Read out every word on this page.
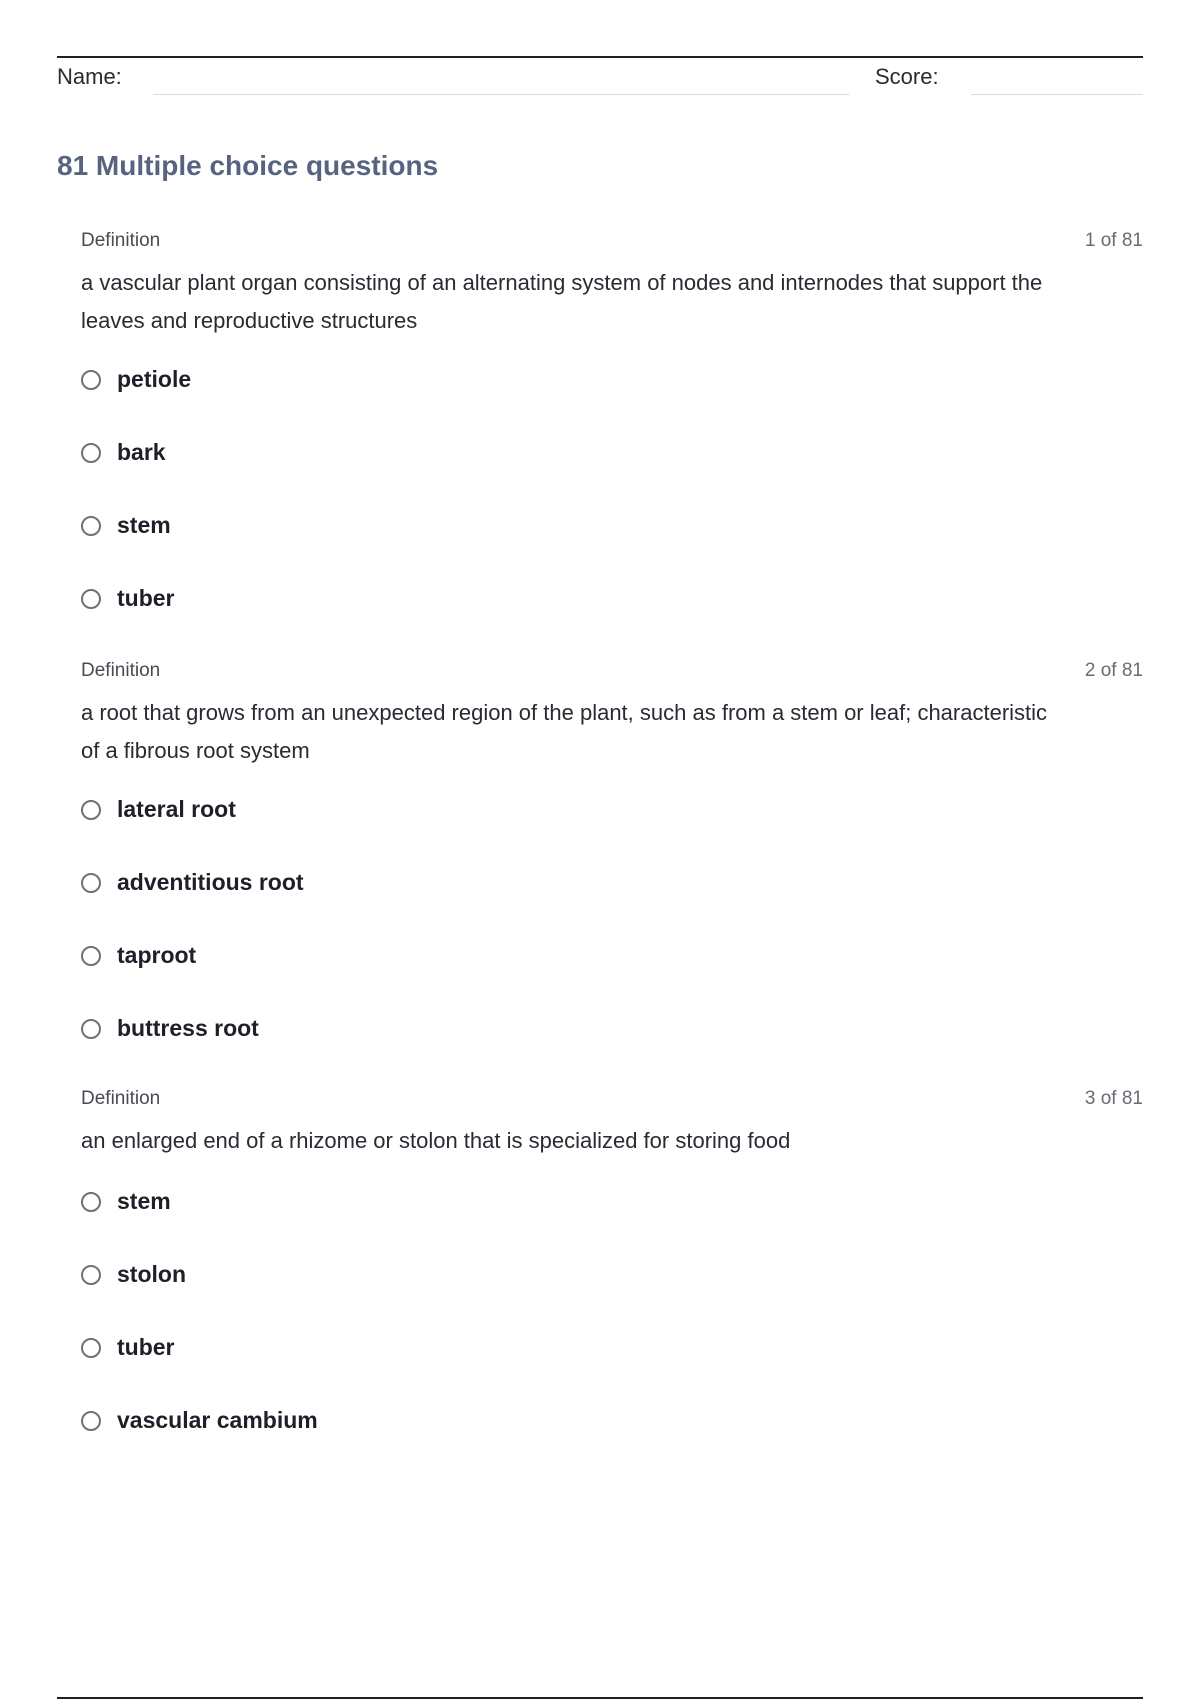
Name:	Score:
81 Multiple choice questions
Definition	1 of 81

a vascular plant organ consisting of an alternating system of nodes and internodes that support the leaves and reproductive structures

petiole
bark
stem
tuber
Definition	2 of 81

a root that grows from an unexpected region of the plant, such as from a stem or leaf; characteristic of a fibrous root system

lateral root
adventitious root
taproot
buttress root
Definition	3 of 81

an enlarged end of a rhizome or stolon that is specialized for storing food

stem
stolon
tuber
vascular cambium
